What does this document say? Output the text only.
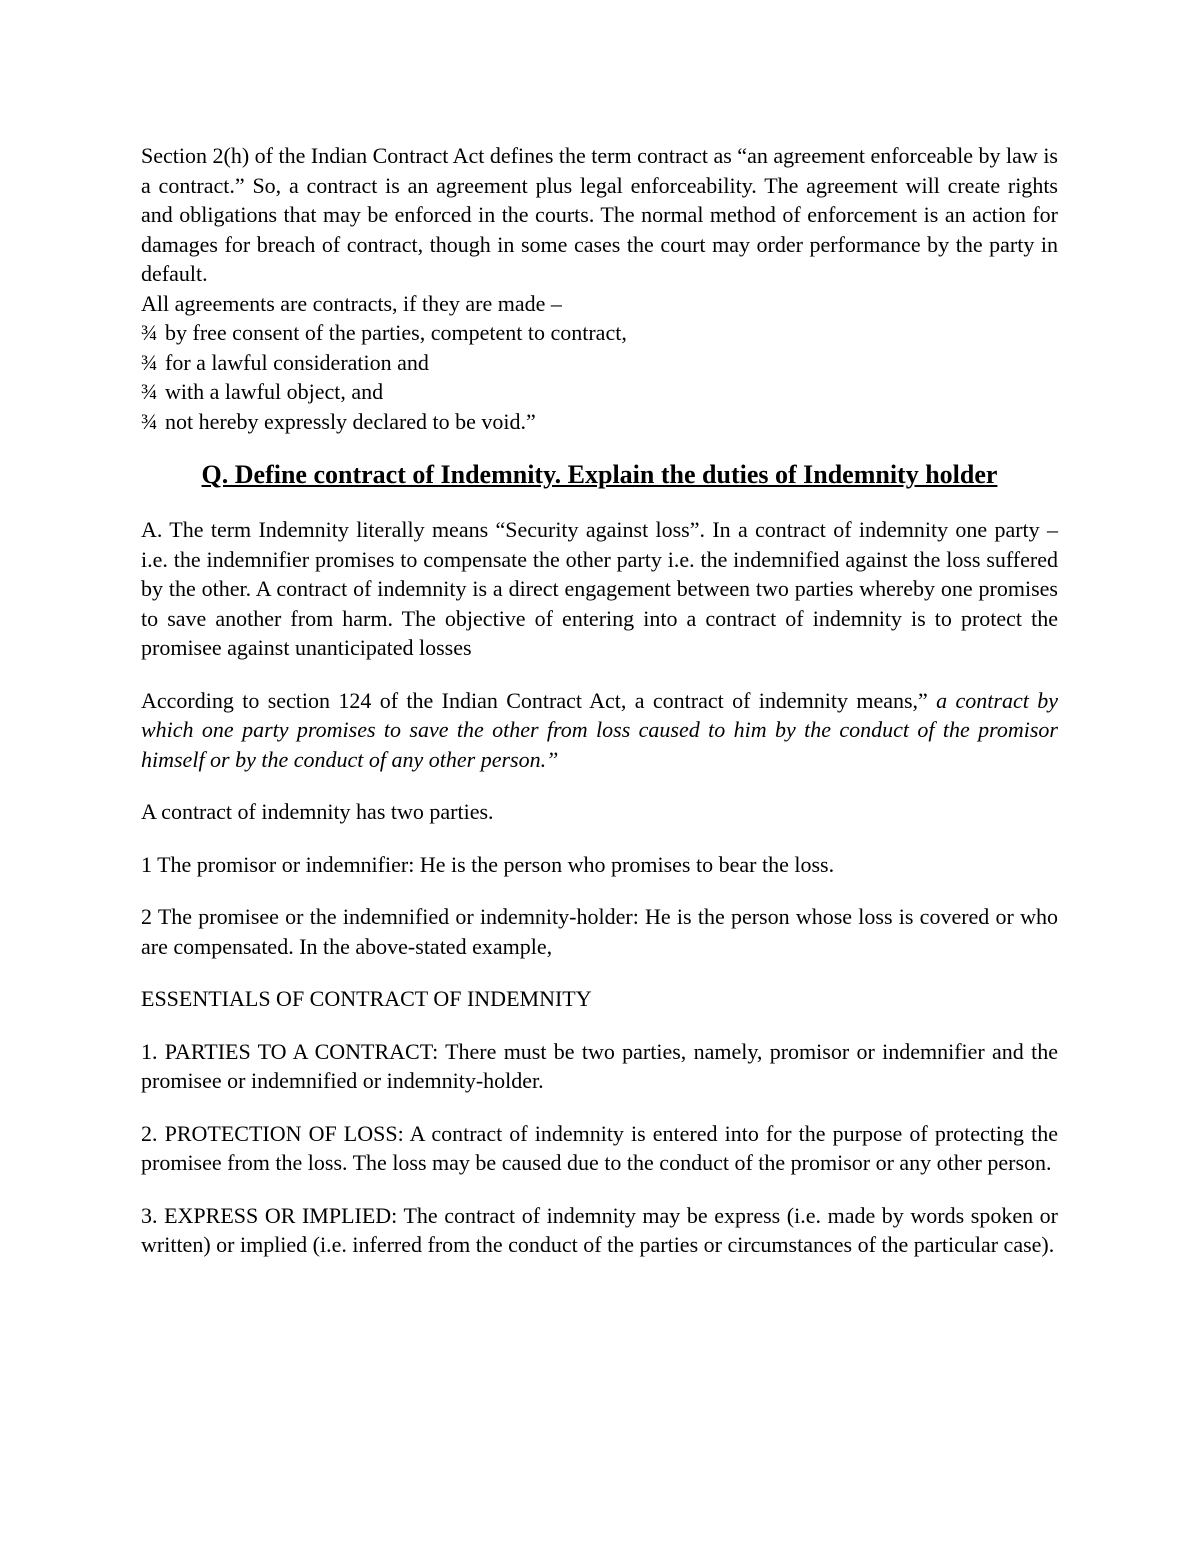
Section 2(h) of the Indian Contract Act defines the term contract as “an agreement enforceable by law is a contract.” So, a contract is an agreement plus legal enforceability. The agreement will create rights and obligations that may be enforced in the courts. The normal method of enforcement is an action for damages for breach of contract, though in some cases the court may order performance by the party in default.

All agreements are contracts, if they are made –

¾ by free consent of the parties, competent to contract,

¾ for a lawful consideration and

¾ with a lawful object, and

¾ not hereby expressly declared to be void.”

Q. Define contract of Indemnity. Explain the duties of Indemnity holder

A. The term Indemnity literally means “Security against loss”. In a contract of indemnity one party – i.e. the indemnifier promises to compensate the other party i.e. the indemnified against the loss suffered by the other. A contract of indemnity is a direct engagement between two parties whereby one promises to save another from harm. The objective of entering into a contract of indemnity is to protect the promisee against unanticipated losses

According to section 124 of the Indian Contract Act, a contract of indemnity means,” a contract by which one party promises to save the other from loss caused to him by the conduct of the promisor himself or by the conduct of any other person.”

A contract of indemnity has two parties.

1 The promisor or indemnifier: He is the person who promises to bear the loss.

2 The promisee or the indemnified or indemnity-holder: He is the person whose loss is covered or who are compensated. In the above-stated example,

ESSENTIALS OF CONTRACT OF INDEMNITY

1. PARTIES TO A CONTRACT: There must be two parties, namely, promisor or indemnifier and the promisee or indemnified or indemnity-holder.

2. PROTECTION OF LOSS: A contract of indemnity is entered into for the purpose of protecting the promisee from the loss. The loss may be caused due to the conduct of the promisor or any other person.

3. EXPRESS OR IMPLIED: The contract of indemnity may be express (i.e. made by words spoken or written) or implied (i.e. inferred from the conduct of the parties or circumstances of the particular case).
